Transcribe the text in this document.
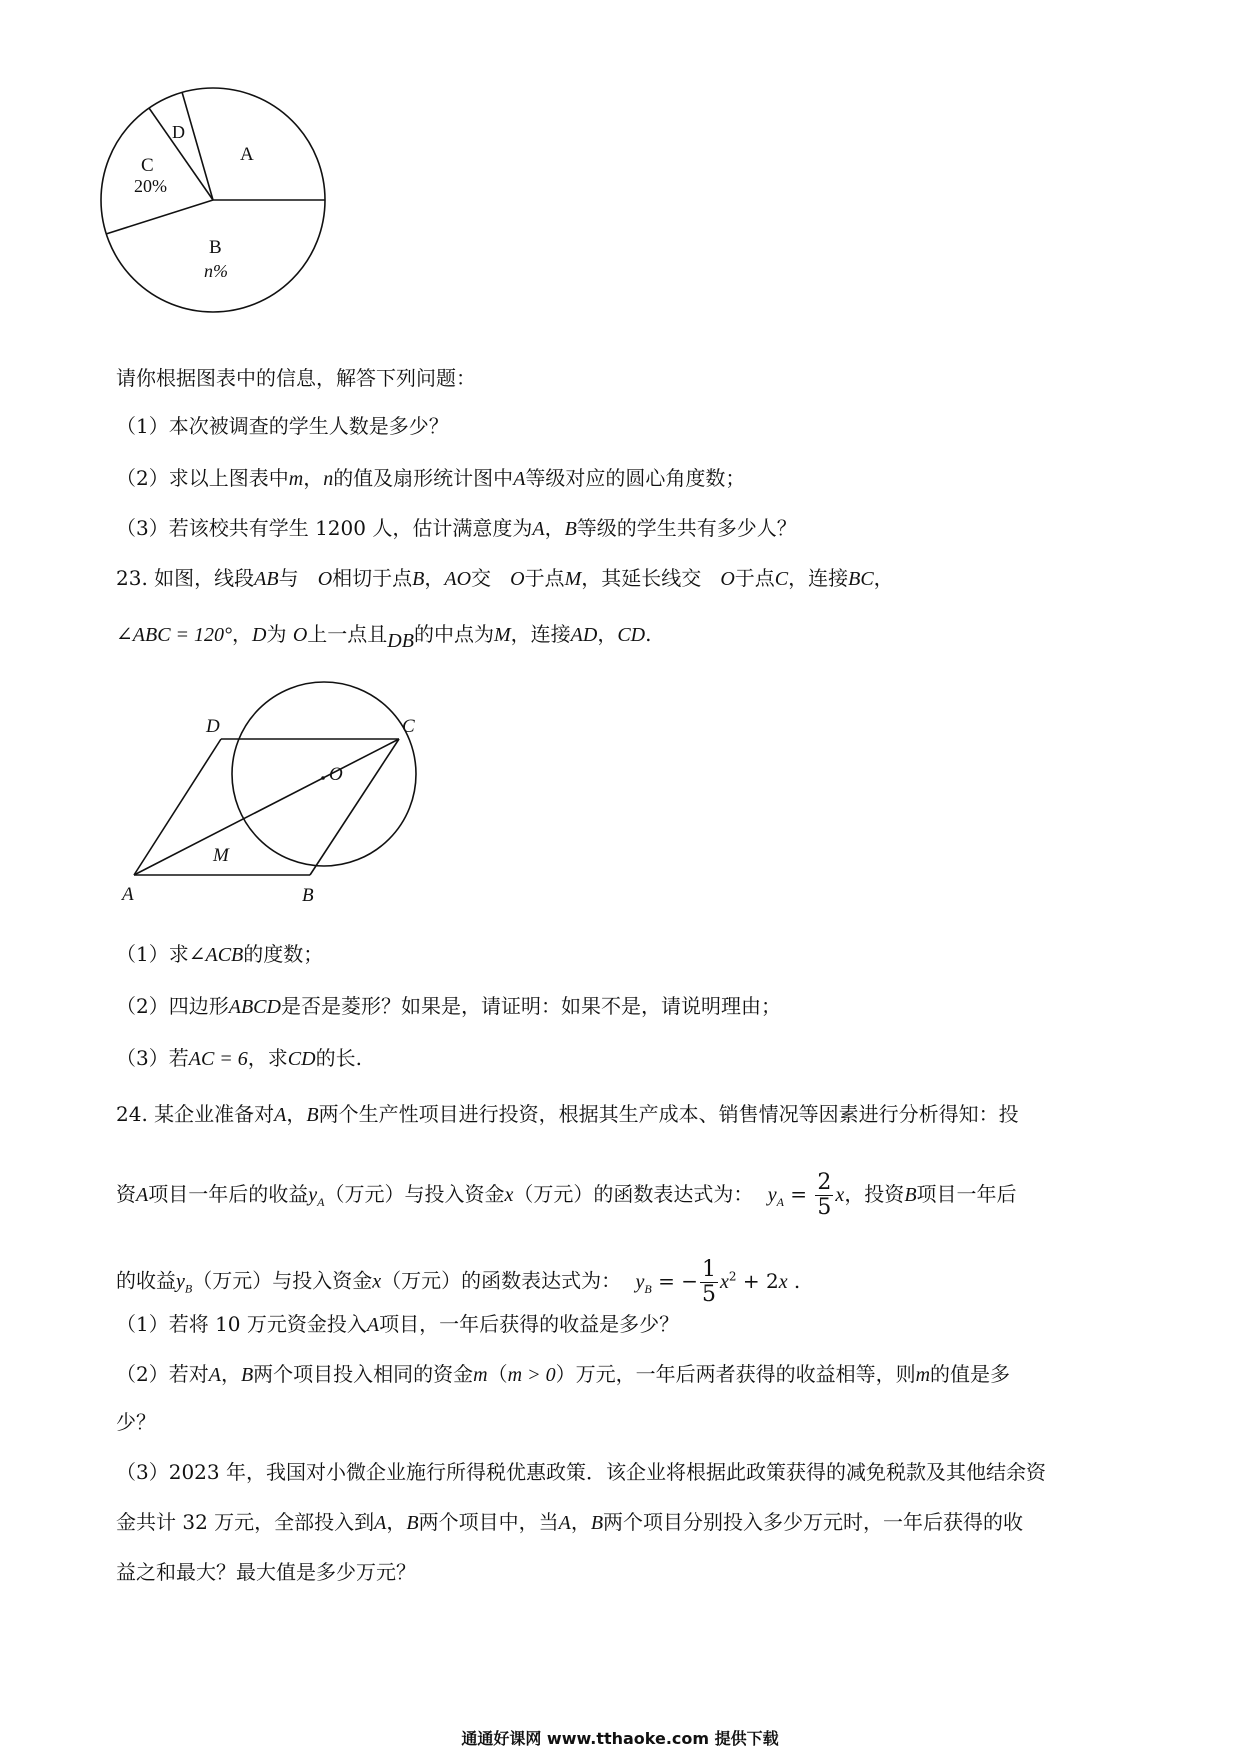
A
D
C
20%
B
n%
请你根据图表中的信息，解答下列问题：
（1）本次被调查的学生人数是多少？
（2）求以上图表中m，n的值及扇形统计图中A等级对应的圆心角度数；
（3）若该校共有学生 1200 人，估计满意度为A，B等级的学生共有多少人？
23. 如图，线段AB与 O相切于点B，AO交 O于点M，其延长线交 O于点C，连接BC，
∠ABC = 120°，D为 O上一点且DB的中点为M，连接AD，CD.
D	C
O
M
A	B
（1）求∠ACB的度数；
（2）四边形ABCD是否是菱形？如果是，请证明：如果不是，请说明理由；
（3）若AC = 6，求CD的长.
24. 某企业准备对A，B两个生产性项目进行投资，根据其生产成本、销售情况等因素进行分析得知：投
资A项目一年后的收益$y_A$（万元）与投入资金x（万元）的函数表达式为： $y_A = \frac{2}{5}$ x，投资B项目一年后
的收益$y_B$（万元）与投入资金x（万元）的函数表达式为： $y_B$ = − $\frac{1}{5} x^2 + 2x$ .
（1）若将 10 万元资金投入A项目，一年后获得的收益是多少？
（2）若对A，B两个项目投入相同的资金m（m > 0）万元，一年后两者获得的收益相等，则m的值是多
少？
（3）2023 年，我国对小微企业施行所得税优惠政策．该企业将根据此政策获得的减免税款及其他结余资
金共计 32 万元，全部投入到A，B两个项目中，当A，B两个项目分别投入多少万元时，一年后获得的收
益之和最大？最大值是多少万元？
通通好课网 www.tthaoke.com 提供下载
